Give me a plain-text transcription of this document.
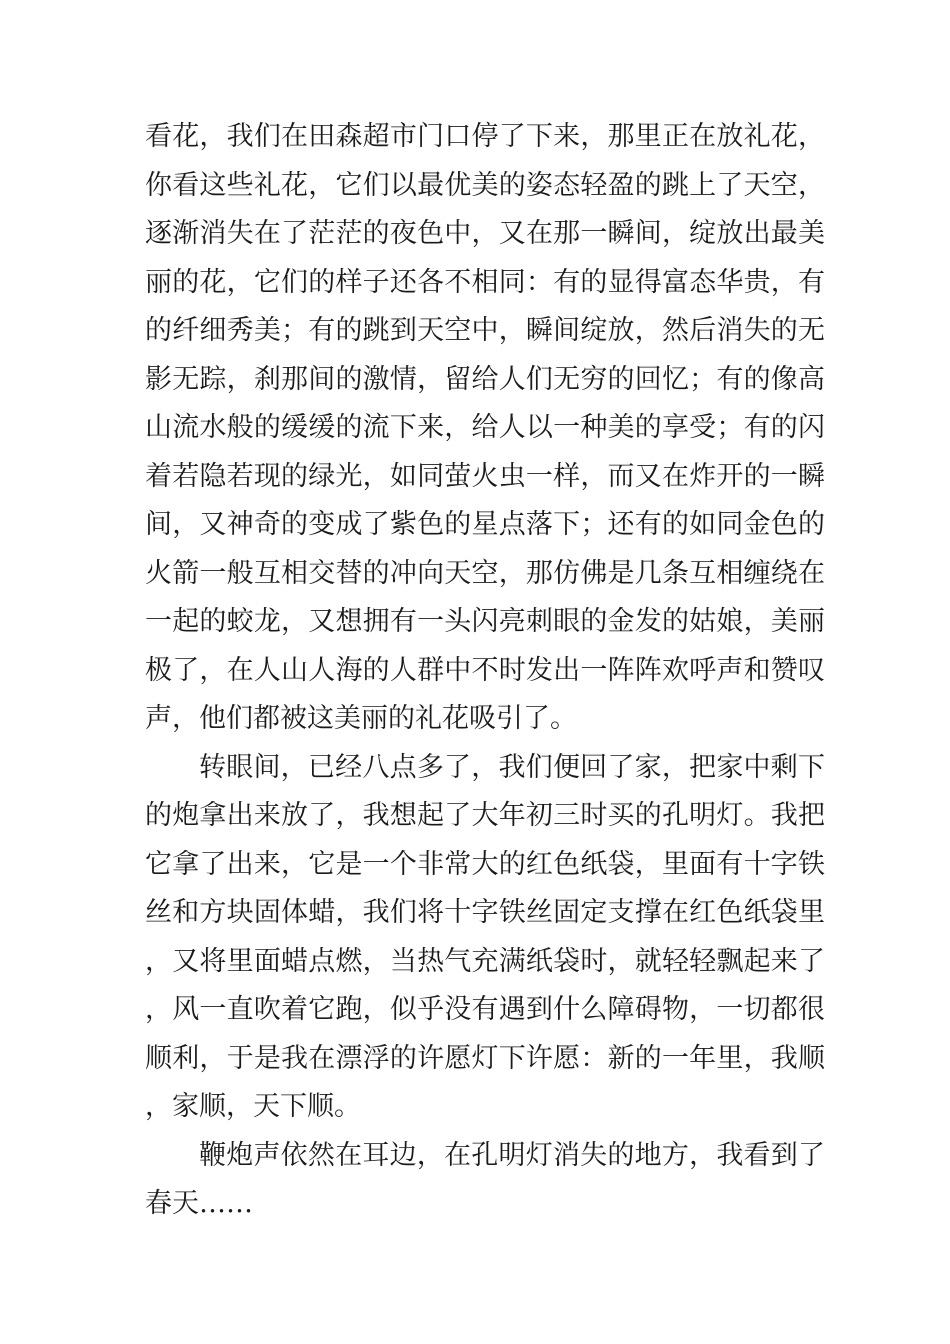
看花，我们在田森超市门口停了下来，那里正在放礼花，你看这些礼花，它们以最优美的姿态轻盈的跳上了天空，逐渐消失在了茫茫的夜色中，又在那一瞬间，绽放出最美丽的花，它们的样子还各不相同：有的显得富态华贵，有的纤细秀美；有的跳到天空中，瞬间绽放，然后消失的无影无踪，刹那间的激情，留给人们无穷的回忆；有的像高山流水般的缓缓的流下来，给人以一种美的享受；有的闪着若隐若现的绿光，如同萤火虫一样，而又在炸开的一瞬间，又神奇的变成了紫色的星点落下；还有的如同金色的火箭一般互相交替的冲向天空，那仿佛是几条互相缠绕在一起的蛟龙，又想拥有一头闪亮刺眼的金发的姑娘，美丽极了，在人山人海的人群中不时发出一阵阵欢呼声和赞叹声，他们都被这美丽的礼花吸引了。

转眼间，已经八点多了，我们便回了家，把家中剩下的炮拿出来放了，我想起了大年初三时买的孔明灯。我把它拿了出来，它是一个非常大的红色纸袋，里面有十字铁丝和方块固体蜡，我们将十字铁丝固定支撑在红色纸袋里，又将里面蜡点燃，当热气充满纸袋时，就轻轻飘起来了，风一直吹着它跑，似乎没有遇到什么障碍物，一切都很顺利，于是我在漂浮的许愿灯下许愿：新的一年里，我顺，家顺，天下顺。

鞭炮声依然在耳边，在孔明灯消失的地方，我看到了春天……
